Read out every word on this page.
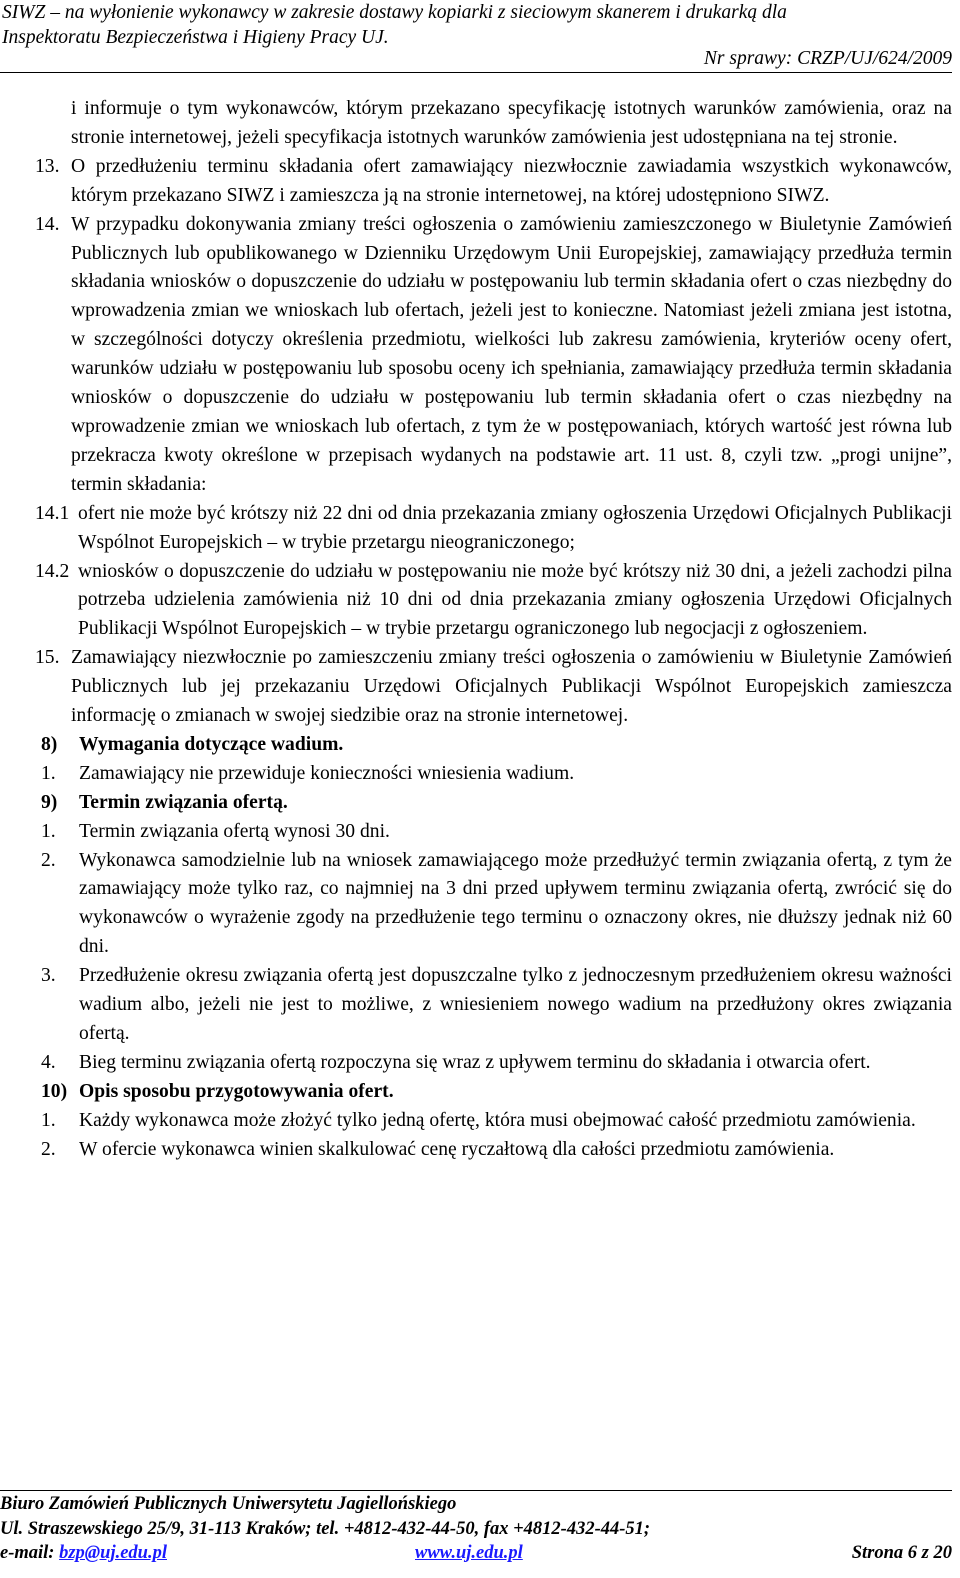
SIWZ – na wyłonienie wykonawcy w zakresie dostawy kopiarki z sieciowym skanerem i drukarką dla
Inspektoratu Bezpieczeństwa i Higieny Pracy UJ.
Nr sprawy: CRZP/UJ/624/2009
i informuje o tym wykonawców, którym przekazano specyfikację istotnych warunków zamówienia, oraz na stronie internetowej, jeżeli specyfikacja istotnych warunków zamówienia jest udostępniana na tej stronie.
13. O przedłużeniu terminu składania ofert zamawiający niezwłocznie zawiadamia wszystkich wykonawców, którym przekazano SIWZ i zamieszcza ją na stronie internetowej, na której udostępniono SIWZ.
14. W przypadku dokonywania zmiany treści ogłoszenia o zamówieniu zamieszczonego w Biuletynie Zamówień Publicznych lub opublikowanego w Dzienniku Urzędowym Unii Europejskiej, zamawiający przedłuża termin składania wniosków o dopuszczenie do udziału w postępowaniu lub termin składania ofert o czas niezbędny do wprowadzenia zmian we wnioskach lub ofertach, jeżeli jest to konieczne. Natomiast jeżeli zmiana jest istotna, w szczególności dotyczy określenia przedmiotu, wielkości lub zakresu zamówienia, kryteriów oceny ofert, warunków udziału w postępowaniu lub sposobu oceny ich spełniania, zamawiający przedłuża termin składania wniosków o dopuszczenie do udziału w postępowaniu lub termin składania ofert o czas niezbędny na wprowadzenie zmian we wnioskach lub ofertach, z tym że w postępowaniach, których wartość jest równa lub przekracza kwoty określone w przepisach wydanych na podstawie art. 11 ust. 8, czyli tzw. „progi unijne”, termin składania:
14.1 ofert nie może być krótszy niż 22 dni od dnia przekazania zmiany ogłoszenia Urzędowi Oficjalnych Publikacji Wspólnot Europejskich – w trybie przetargu nieograniczonego;
14.2 wniosków o dopuszczenie do udziału w postępowaniu nie może być krótszy niż 30 dni, a jeżeli zachodzi pilna potrzeba udzielenia zamówienia niż 10 dni od dnia przekazania zmiany ogłoszenia Urzędowi Oficjalnych Publikacji Wspólnot Europejskich – w trybie przetargu ograniczonego lub negocjacji z ogłoszeniem.
15. Zamawiający niezwłocznie po zamieszczeniu zmiany treści ogłoszenia o zamówieniu w Biuletynie Zamówień Publicznych lub jej przekazaniu Urzędowi Oficjalnych Publikacji Wspólnot Europejskich zamieszcza informację o zmianach w swojej siedzibie oraz na stronie internetowej.
8) Wymagania dotyczące wadium.
1. Zamawiający nie przewiduje konieczności wniesienia wadium.
9) Termin związania ofertą.
1. Termin związania ofertą wynosi 30 dni.
2. Wykonawca samodzielnie lub na wniosek zamawiającego może przedłużyć termin związania ofertą, z tym że zamawiający może tylko raz, co najmniej na 3 dni przed upływem terminu związania ofertą, zwrócić się do wykonawców o wyrażenie zgody na przedłużenie tego terminu o oznaczony okres, nie dłuższy jednak niż 60 dni.
3. Przedłużenie okresu związania ofertą jest dopuszczalne tylko z jednoczesnym przedłużeniem okresu ważności wadium albo, jeżeli nie jest to możliwe, z wniesieniem nowego wadium na przedłużony okres związania ofertą.
4. Bieg terminu związania ofertą rozpoczyna się wraz z upływem terminu do składania i otwarcia ofert.
10) Opis sposobu przygotowywania ofert.
1. Każdy wykonawca może złożyć tylko jedną ofertę, która musi obejmować całość przedmiotu zamówienia.
2. W ofercie wykonawca winien skalkulować cenę ryczałtową dla całości przedmiotu zamówienia.
Biuro Zamówień Publicznych Uniwersytetu Jagiellońskiego
Ul. Straszewskiego 25/9, 31-113 Kraków; tel. +4812-432-44-50, fax +4812-432-44-51;
e-mail: bzp@uj.edu.pl	www.uj.edu.pl	Strona 6 z 20
